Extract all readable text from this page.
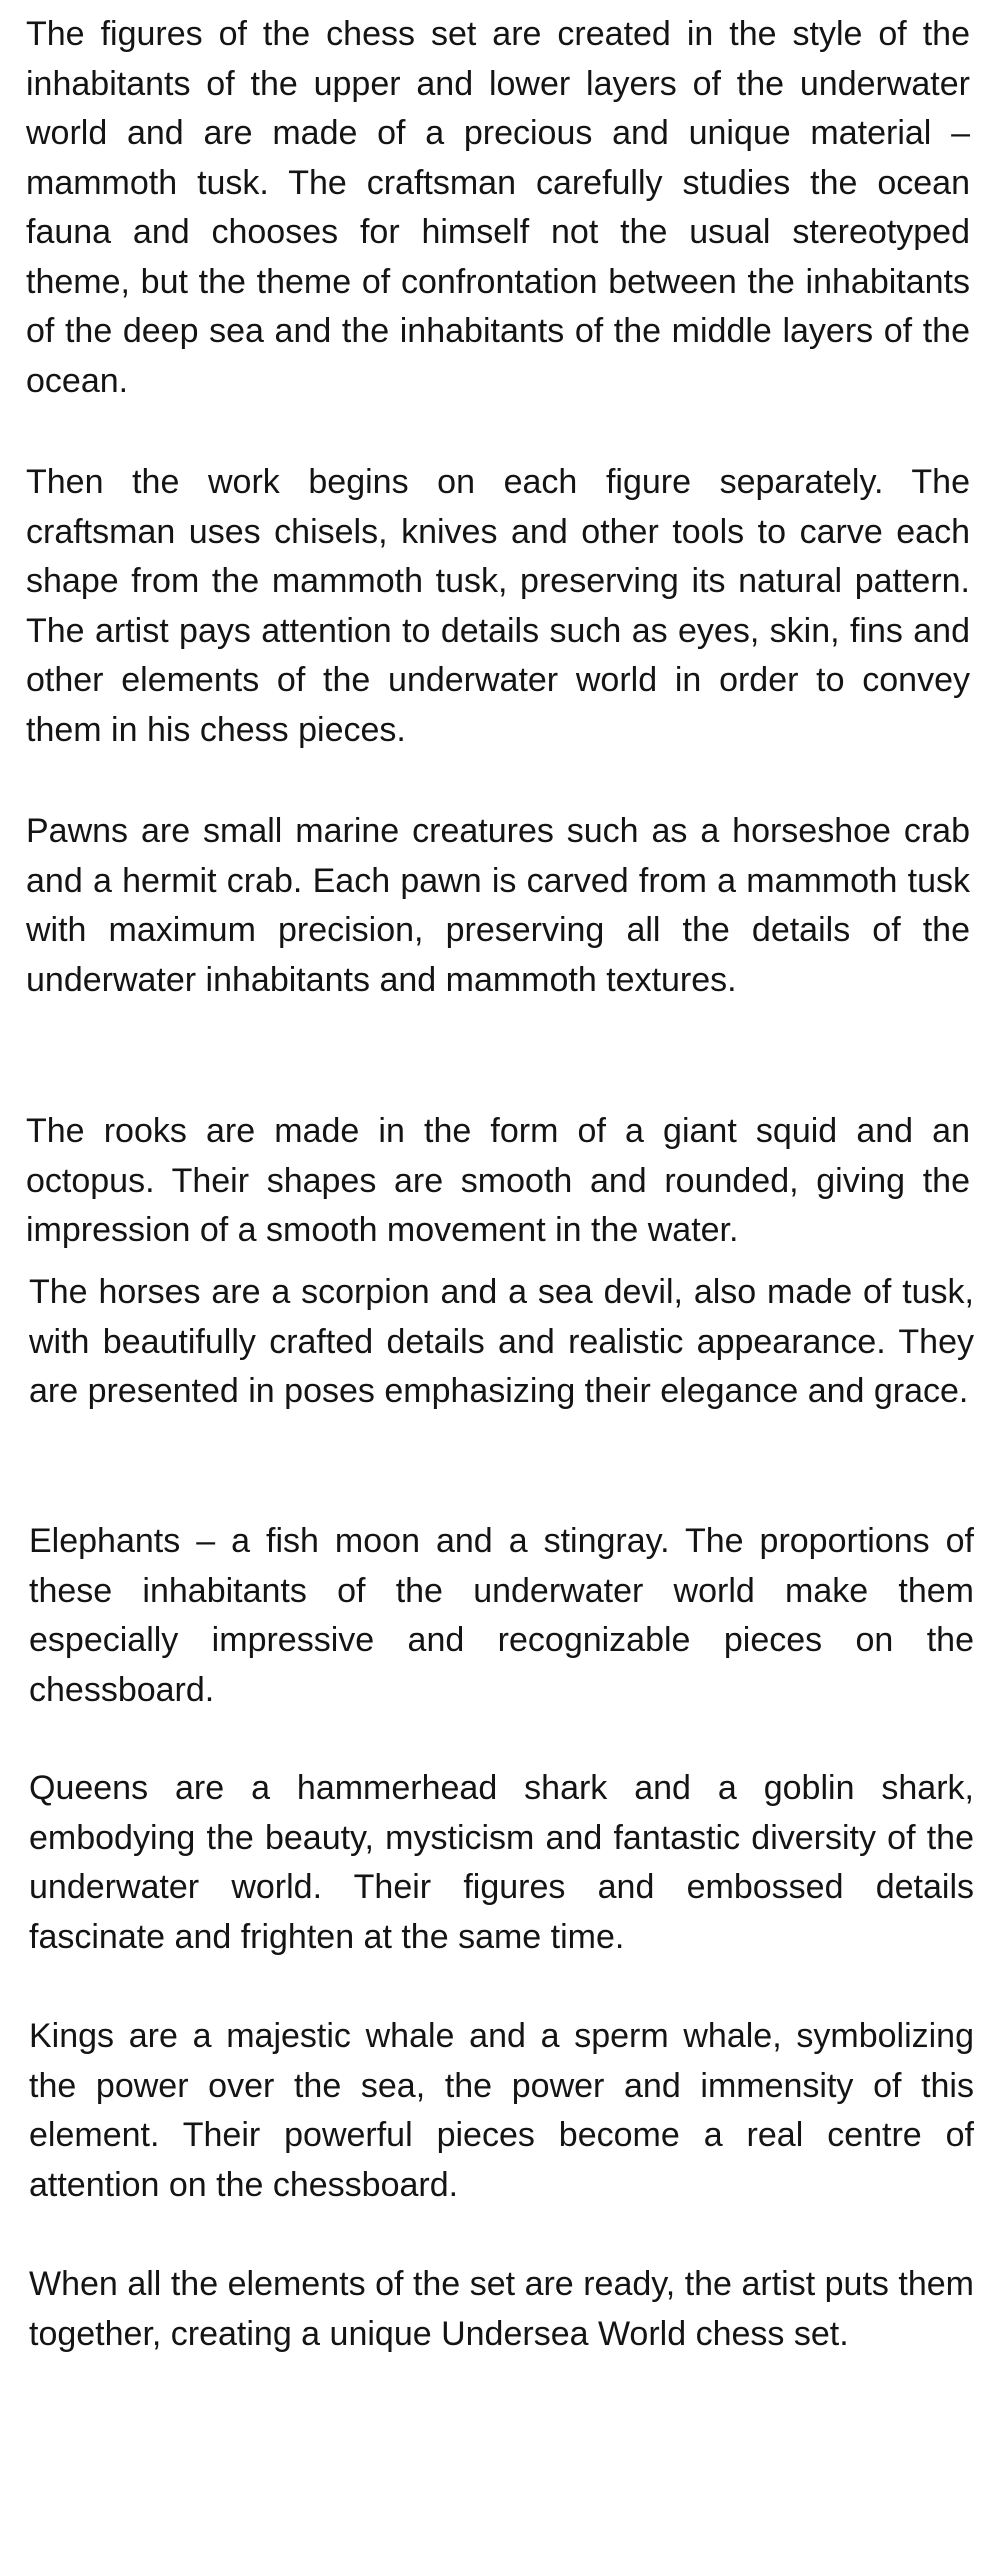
The figures of the chess set are created in the style of the inhabitants of the upper and lower layers of the underwater world and are made of a precious and unique material – mammoth tusk. The craftsman carefully studies the ocean fauna and chooses for himself not the usual stereotyped theme, but the theme of confrontation between the inhabitants of the deep sea and the inhabitants of the middle layers of the ocean.

Then the work begins on each figure separately. The craftsman uses chisels, knives and other tools to carve each shape from the mammoth tusk, preserving its natural pattern. The artist pays attention to details such as eyes, skin, fins and other elements of the underwater world in order to convey them in his chess pieces.

Pawns are small marine creatures such as a horseshoe crab and a hermit crab. Each pawn is carved from a mammoth tusk with maximum precision, preserving all the details of the underwater inhabitants and mammoth textures.

The rooks are made in the form of a giant squid and an octopus. Their shapes are smooth and rounded, giving the impression of a smooth movement in the water.

The horses are a scorpion and a sea devil, also made of tusk, with beautifully crafted details and realistic appearance. They are presented in poses emphasizing their elegance and grace.

Elephants – a fish moon and a stingray. The proportions of these inhabitants of the underwater world make them especially impressive and recognizable pieces on the chessboard.

Queens are a hammerhead shark and a goblin shark, embodying the beauty, mysticism and fantastic diversity of the underwater world. Their figures and embossed details fascinate and frighten at the same time.

Kings are a majestic whale and a sperm whale, symbolizing the power over the sea, the power and immensity of this element. Their powerful pieces become a real centre of attention on the chessboard.

When all the elements of the set are ready, the artist puts them together, creating a unique Undersea World chess set.
